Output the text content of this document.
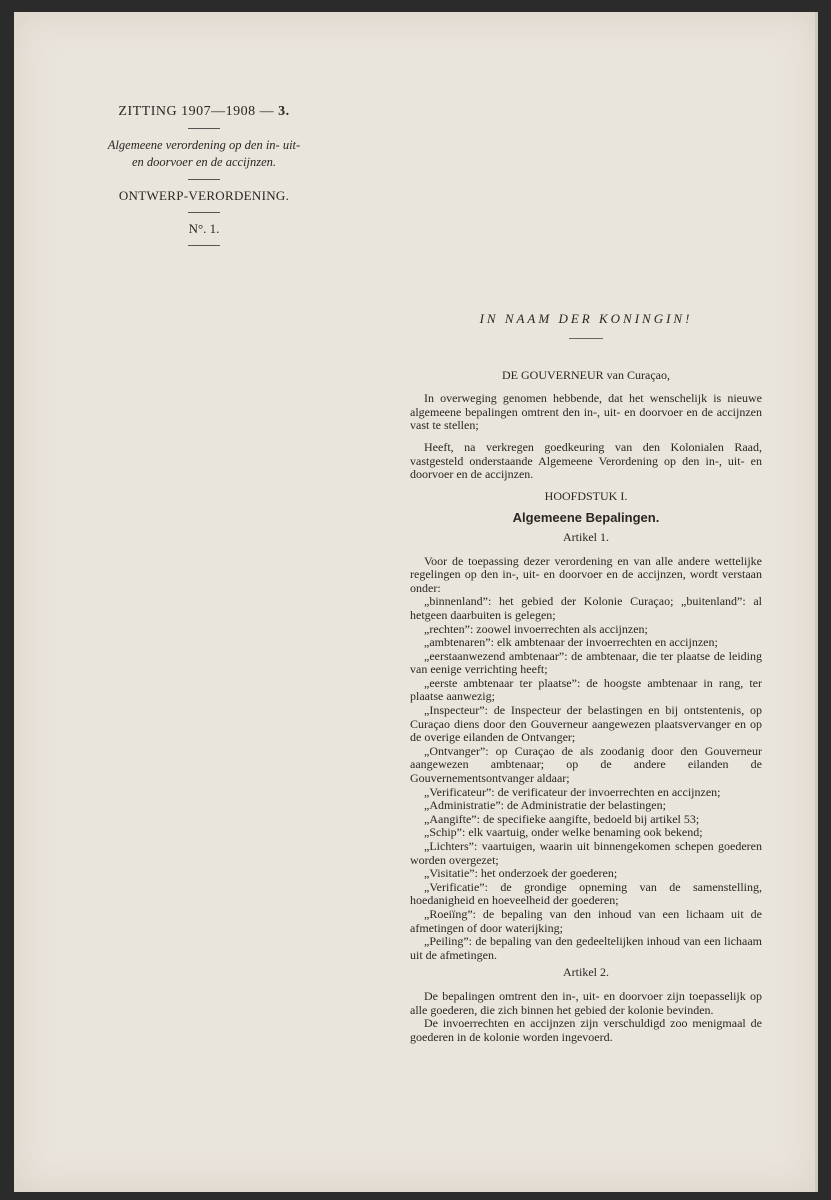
ZITTING 1907—1908 — 3.
Algemeene verordening op den in- uit-
en doorvoer en de accijnzen.
ONTWERP-VERORDENING.
N°. 1.
IN NAAM DER KONINGIN!
DE GOUVERNEUR van Curaçao,

In overweging genomen hebbende, dat het wenschelijk is nieuwe algemeene bepalingen omtrent den in-, uit- en doorvoer en de accijnzen vast te stellen;

Heeft, na verkregen goedkeuring van den Kolonialen Raad, vastgesteld onderstaande Algemeene Verordening op den in-, uit- en doorvoer en de accijnzen.

HOOFDSTUK I.
Algemeene Bepalingen.
Artikel 1.

Voor de toepassing dezer verordening en van alle andere wettelijke regelingen op den in-, uit- en doorvoer en de accijnzen, wordt verstaan onder:

„binnenland”: het gebied der Kolonie Curaçao; „buitenland”: al hetgeen daarbuiten is gelegen;

„rechten”: zoowel invoerrechten als accijnzen;

„ambtenaren”: elk ambtenaar der invoerrechten en accijnzen;

„eerstaanwezend ambtenaar”: de ambtenaar, die ter plaatse de leiding van eenige verrichting heeft;

„eerste ambtenaar ter plaatse”: de hoogste ambtenaar in rang, ter plaatse aanwezig;

„Inspecteur”: de Inspecteur der belastingen en bij ontstentenis, op Curaçao diens door den Gouverneur aangewezen plaatsvervanger en op de overige eilanden de Ontvanger;

„Ontvanger”: op Curaçao de als zoodanig door den Gouverneur aangewezen ambtenaar; op de andere eilanden de Gouvernementsontvanger aldaar;

„Verificateur”: de verificateur der invoerrechten en accijnzen;

„Administratie”: de Administratie der belastingen;

„Aangifte”: de specifieke aangifte, bedoeld bij artikel 53;

„Schip”: elk vaartuig, onder welke benaming ook bekend;

„Lichters”: vaartuigen, waarin uit binnengekomen schepen goederen worden overgezet;

„Visitatie”: het onderzoek der goederen;

„Verificatie”: de grondige opneming van de samenstelling, hoedanigheid en hoeveelheid der goederen;

„Roeiïng”: de bepaling van den inhoud van een lichaam uit de afmetingen of door waterijking;

„Peiling”: de bepaling van den gedeeltelijken inhoud van een lichaam uit de afmetingen.

Artikel 2.

De bepalingen omtrent den in-, uit- en doorvoer zijn toepasselijk op alle goederen, die zich binnen het gebied der kolonie bevinden.

De invoerrechten en accijnzen zijn verschuldigd zoo menigmaal de goederen in de kolonie worden ingevoerd.
